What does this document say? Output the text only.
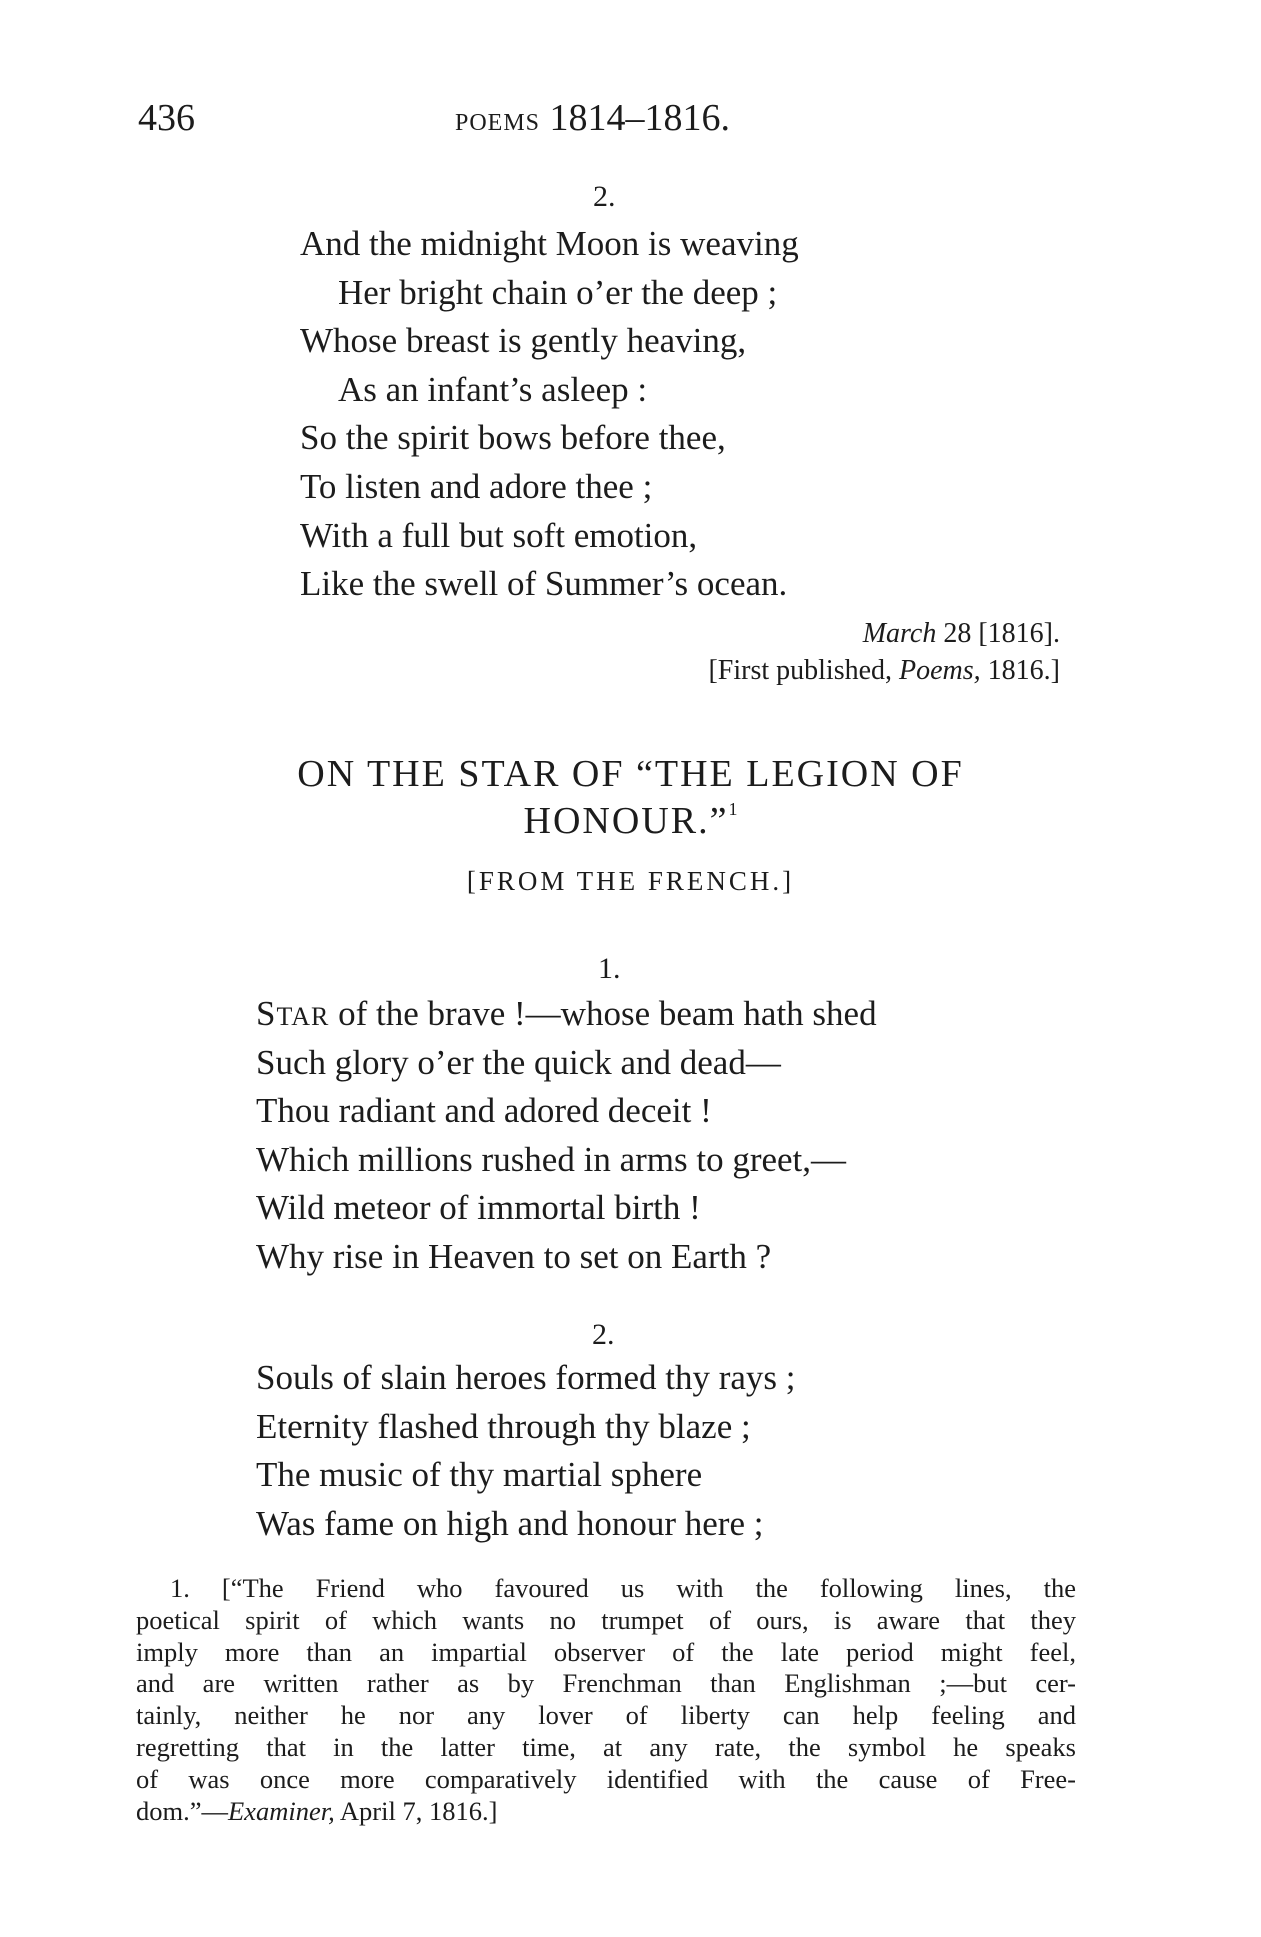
436	POEMS 1814–1816.
2.
And the midnight Moon is weaving
Her bright chain o’er the deep ;
Whose breast is gently heaving,
As an infant’s asleep :
So the spirit bows before thee,
To listen and adore thee ;
With a full but soft emotion,
Like the swell of Summer’s ocean.
March 28 [1816].
[First published, Poems, 1816.]
ON THE STAR OF “THE LEGION OF
HONOUR.”$^1$
[FROM THE FRENCH.]
1.
STAR of the brave !—whose beam hath shed
Such glory o’er the quick and dead—
Thou radiant and adored deceit !
Which millions rushed in arms to greet,—
Wild meteor of immortal birth !
Why rise in Heaven to set on Earth ?
2.
Souls of slain heroes formed thy rays ;
Eternity flashed through thy blaze ;
The music of thy martial sphere
Was fame on high and honour here ;
1. [“The Friend who favoured us with the following lines, the
poetical spirit of which wants no trumpet of ours, is aware that they
imply more than an impartial observer of the late period might feel,
and are written rather as by Frenchman than Englishman ;—but cer-
tainly, neither he nor any lover of liberty can help feeling and
regretting that in the latter time, at any rate, the symbol he speaks
of was once more comparatively identified with the cause of Free-
dom.”—Examiner, April 7, 1816.]
